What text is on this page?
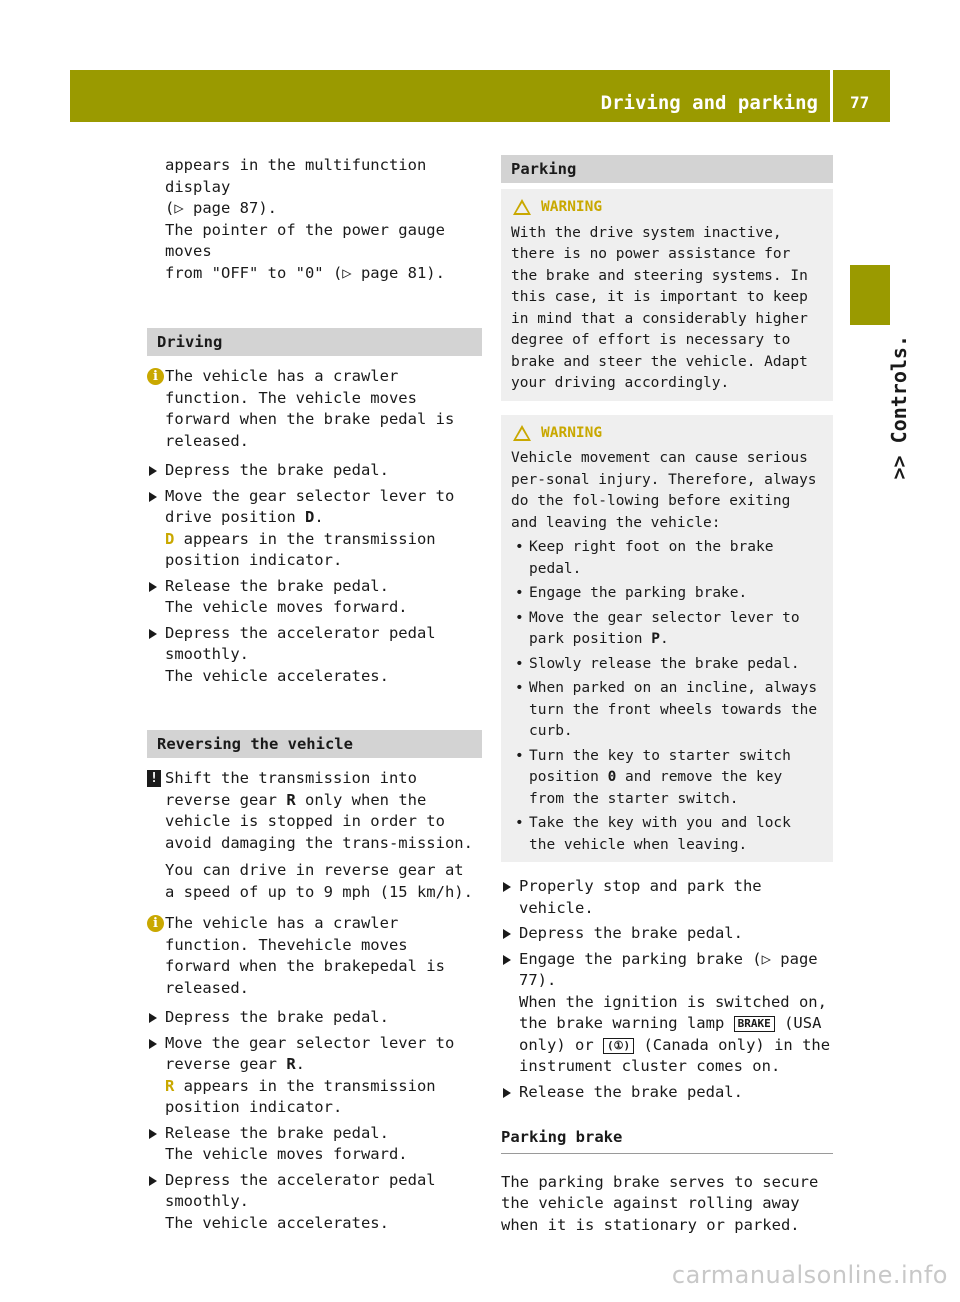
Driving and parking 77
>> Controls.

appears in the multifunction display
(▷ page 87).
The pointer of the power gauge moves
from "OFF" to "0" (▷ page 81).

Driving
i The vehicle has a crawler function. The vehicle moves forward when the brake pedal is released.
Depress the brake pedal.
Move the gear selector lever to drive position D.
D appears in the transmission position indicator.
Release the brake pedal.
The vehicle moves forward.
Depress the accelerator pedal smoothly.
The vehicle accelerates.
Reversing the vehicle
! Shift the transmission into reverse gear R only when the vehicle is stopped in order to avoid damaging the trans-mission.
You can drive in reverse gear at a speed of up to 9 mph (15 km/h).
i The vehicle has a crawler function. Thevehicle moves forward when the brakepedal is released.
Depress the brake pedal.
Move the gear selector lever to reverse gear R.
R appears in the transmission position indicator.
Release the brake pedal.
The vehicle moves forward.
Depress the accelerator pedal smoothly.
The vehicle accelerates.
Parking
WARNING
With the drive system inactive, there is no power assistance for the brake and steering systems. In this case, it is important to keep in mind that a considerably higher degree of effort is necessary to brake and steer the vehicle. Adapt your driving accordingly.
WARNING
Vehicle movement can cause serious per-sonal injury. Therefore, always do the fol-lowing before exiting and leaving the vehicle:
• Keep right foot on the brake pedal.
• Engage the parking brake.
• Move the gear selector lever to park position P.
• Slowly release the brake pedal.
• When parked on an incline, always turn the front wheels towards the curb.
• Turn the key to starter switch position 0 and remove the key from the starter switch.
• Take the key with you and lock the vehicle when leaving.
Properly stop and park the vehicle.
Depress the brake pedal.
Engage the parking brake (▷ page 77).
When the ignition is switched on, the brake warning lamp BRAKE (USA only) or (①) (Canada only) in the instrument cluster comes on.
Release the brake pedal.
Parking brake

The parking brake serves to secure the vehicle against rolling away when it is stationary or parked.

carmanualsonline.info
